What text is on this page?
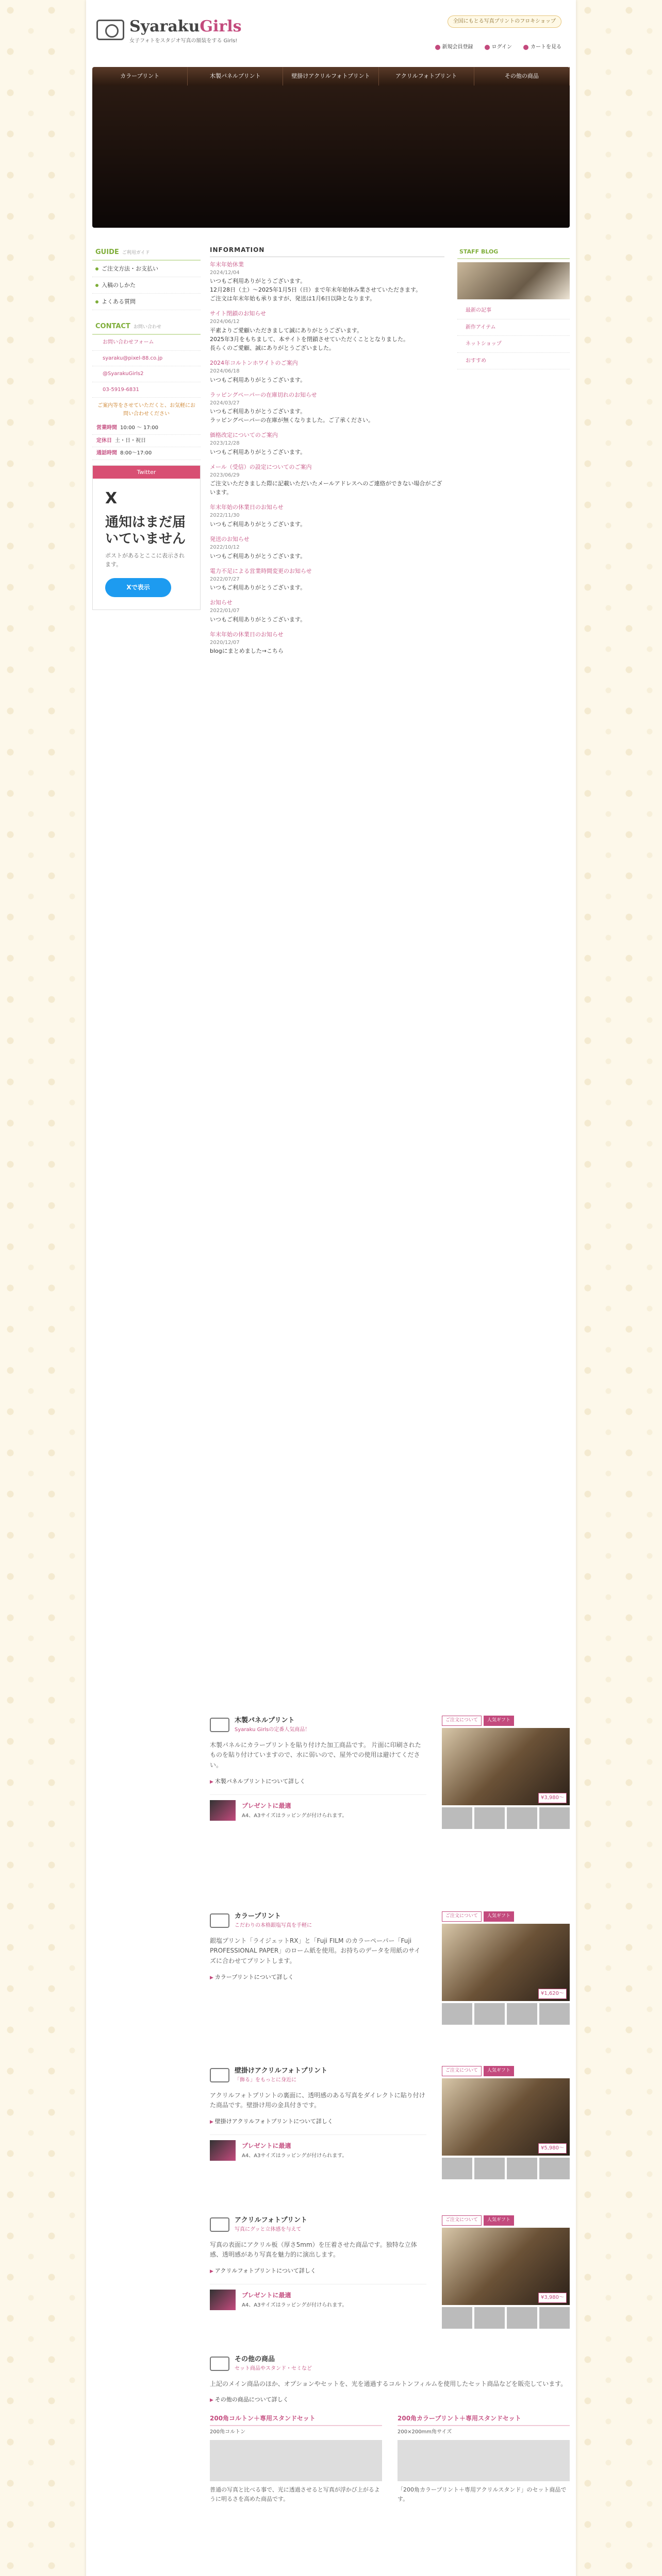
SyarakuGirls
女子フォトをスタジオ写真の額装をする Girls!
全国にもとる写真プリントのフロキショップ
新規会員登録	ログイン	カートを見る
カラープリント	木製パネルプリント	壁掛けアクリルフォトプリント	アクリルフォトプリント	その他の商品
GUIDE ご利用ガイド
ご注文方法・お支払い
入稿のしかた
よくある質問
CONTACT お問い合わせ
お問い合わせフォーム
syaraku@pixel-88.co.jp
@SyarakuGirls2
03-5919-6831
ご案内等をさせていただくと、お気軽にお問い合わせください
営業時間 10:00 ～ 17:00
定休日 土・日・祝日
通話時間 8:00～17:00
Twitter
X
通知はまだ届いていません
ポストがあるとここに表示されます。
Xで表示
INFORMATION
年末年始休業
2024/12/04

いつもご利用ありがとうございます。
12月28日（土）～2025年1月5日（日）まで年末年始休み業させていただきます。
ご注文は年末年始も承りますが、発送は1月6日以降となります。

サイト閉鎖のお知らせ
2024/06/12

平素よりご愛顧いただきまして誠にありがとうございます。
2025年3月をもちまして、本サイトを閉鎖させていただくこととなりました。
長らくのご愛顧、誠にありがとうございました。

2024年コルトンホワイトのご案内
2024/06/18

いつもご利用ありがとうございます。

ラッピングペーパーの在庫切れのお知らせ
2024/03/27

いつもご利用ありがとうございます。
ラッピングペーパーの在庫が無くなりました。ご了承ください。

価格改定についてのご案内
2023/12/28

いつもご利用ありがとうございます。

メール（受信）の設定についてのご案内
2023/06/29

ご注文いただきました際に記載いただいたメールアドレスへのご連絡ができない場合がございます。

年末年始の休業日のお知らせ
2022/11/30

いつもご利用ありがとうございます。

発送のお知らせ
2022/10/12

いつもご利用ありがとうございます。

電力不足による営業時間変更のお知らせ
2022/07/27

いつもご利用ありがとうございます。

お知らせ
2022/01/07

いつもご利用ありがとうございます。

年末年始の休業日のお知らせ
2020/12/07

blogにまとめました→こちら

STAFF BLOG
最新の記事
新作アイテム
ネットショップ
おすすめ
木製パネルプリント
Syaraku Girlsの定番人気商品！
木製パネルにカラープリントを貼り付けた加工商品です。 片面に印刷されたものを貼り付けていますので、水に弱いので、屋外での使用は避けてください。
▶ 木製パネルプリントについて詳しく
プレゼントに最適
A4、A3サイズはラッピングが付けられます。
ご注文について	人気ギフト
¥3,980～
カラープリント
こだわりの本格銀塩写真を手軽に
銀塩プリント「ライジェットRX」と「Fuji FILM のカラーペーパー「Fuji PROFESSIONAL PAPER」のローム紙を使用。お持ちのデータを用紙のサイズに合わせてプリントします。
▶ カラープリントについて詳しく
ご注文について	人気ギフト
¥1,620～
壁掛けアクリルフォトプリント
「飾る」をもっとに身近に
アクリルフォトプリントの裏面に、透明感のある写真をダイレクトに貼り付けた商品です。壁掛け用の金具付きです。
▶ 壁掛けアクリルフォトプリントについて詳しく
プレゼントに最適
A4、A3サイズはラッピングが付けられます。
ご注文について	人気ギフト
¥5,980～
アクリルフォトプリント
写真にグッと立体感を与えて
写真の表面にアクリル板（厚さ5mm）を圧着させた商品です。独特な立体感、透明感があり写真を魅力的に演出します。
▶ アクリルフォトプリントについて詳しく
プレゼントに最適
A4、A3サイズはラッピングが付けられます。
ご注文について	人気ギフト
¥3,980～
その他の商品
セット商品やスタンド・セミなど
上記のメイン商品のほか、オプションやセットを、光を通過するコルトンフィルムを使用したセット商品などを販売しています。
▶ その他の商品について詳しく
200角コルトン＋専用スタンドセット
200角コルトン

普通の写真と比べる事で、光に透過させると写真が浮かび上がるように明るさを高めた商品です。

200角カラープリント＋専用スタンドセット
200×200mm角サイズ

「200角カラープリント＋専用アクリルスタンド」のセット商品です。
